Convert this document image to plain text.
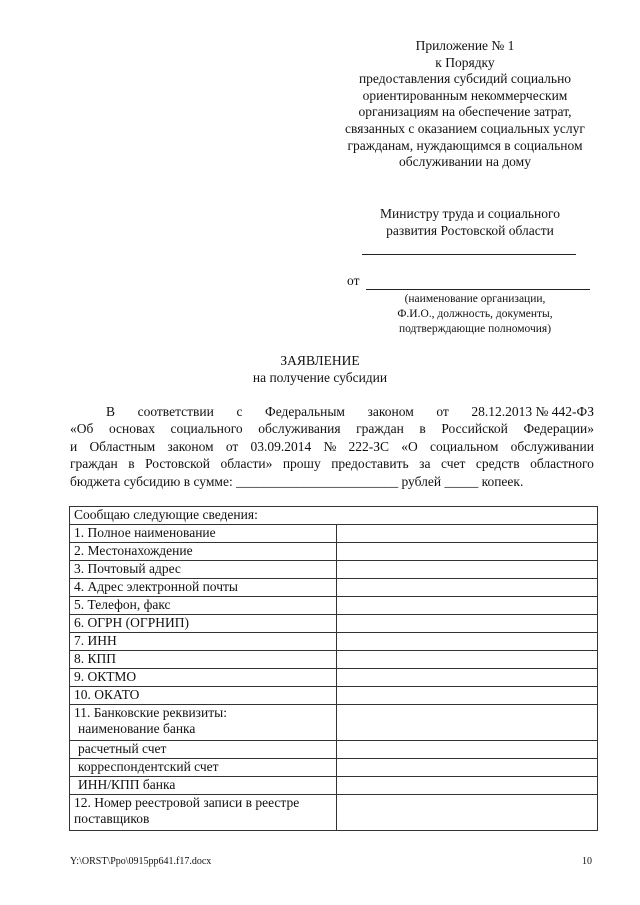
Приложение № 1
к Порядку
предоставления субсидий социально
ориентированным некоммерческим
организациям на обеспечение затрат,
связанных с оказанием социальных услуг
гражданам, нуждающимся в социальном
обслуживании на дому
Министру труда и социального
развития Ростовской области
от
(наименование организации,
Ф.И.О., должность, документы,
подтверждающие полномочия)
ЗАЯВЛЕНИЕ
на получение субсидии
В соответствии с Федеральным законом от 28.12.2013 № 442-ФЗ
«Об основах социального обслуживания граждан в Российской Федерации»
и Областным законом от 03.09.2014 № 222-ЗС «О социальном обслуживании
граждан в Ростовской области» прошу предоставить за счет средств областного
бюджета субсидию в сумме: ________________________ рублей _____ копеек.
Сообщаю следующие сведения:	
1. Полное наименование	
2. Местонахождение	
3. Почтовый адрес	
4. Адрес электронной почты	
5. Телефон, факс	
6. ОГРН (ОГРНИП)	
7. ИНН	
8. КПП	
9. ОКТМО	
10. ОКАТО	

11. Банковские реквизиты:
наименование банка	

расчетный счет	
корреспондентский счет	
ИНН/КПП банка	

12. Номер реестровой записи в реестре
поставщиков	

Y:\ORST\Ppo\0915pp641.f17.docx	10
